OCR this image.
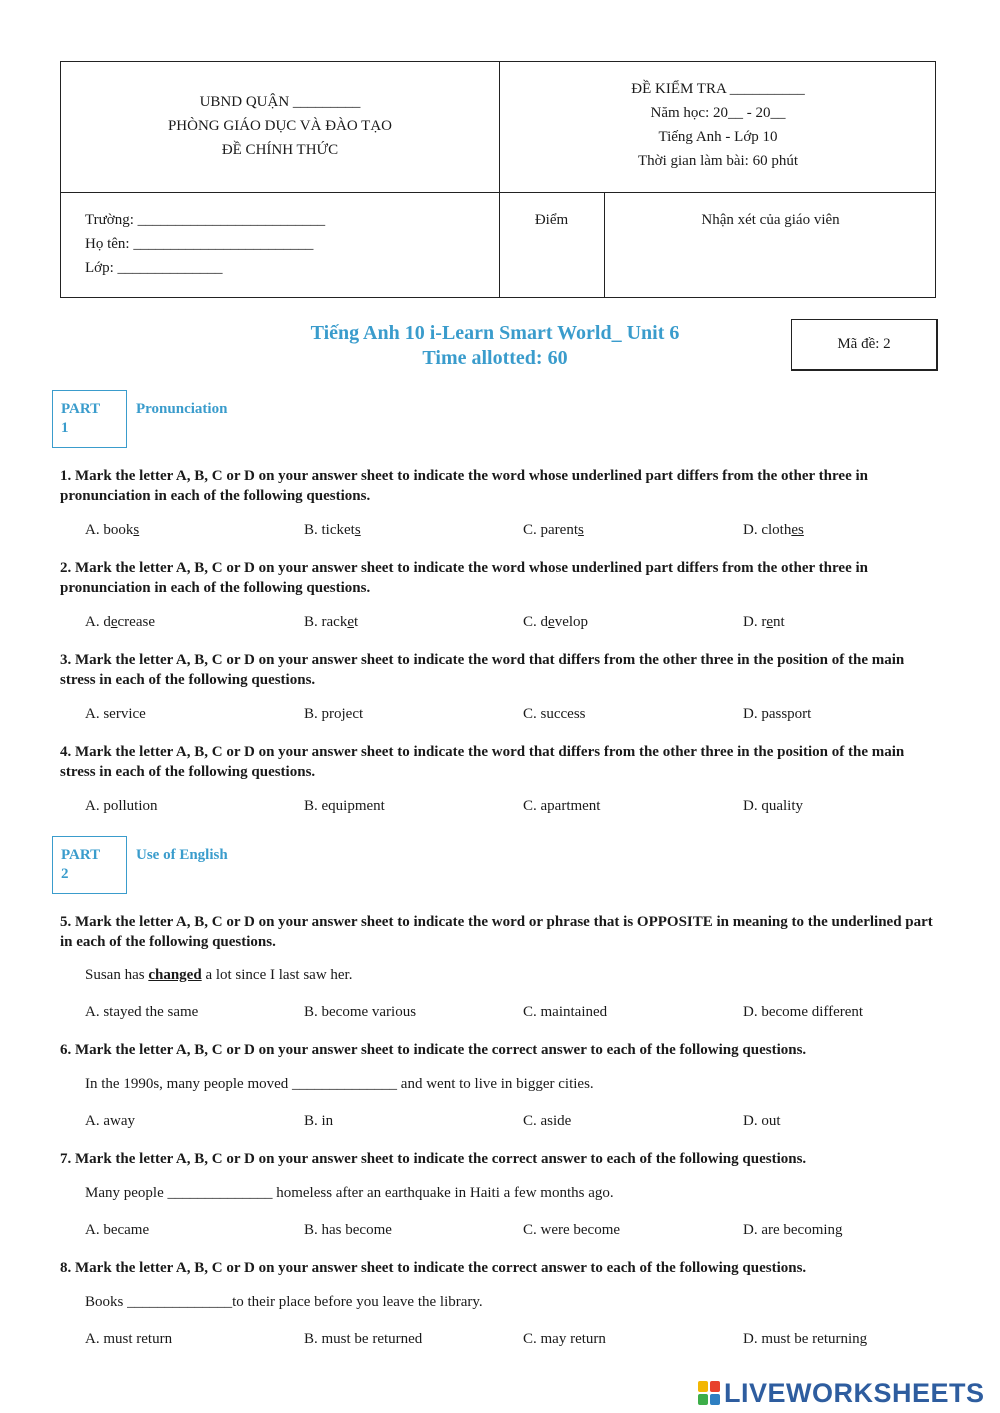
UBND QUẬN _________
PHÒNG GIÁO DỤC VÀ ĐÀO TẠO
ĐỀ CHÍNH THỨC
ĐỀ KIỂM TRA __________
Năm học: 20__ - 20__
Tiếng Anh - Lớp 10
Thời gian làm bài: 60 phút
Trường: _________________________
Họ tên: ________________________
Lớp: ______________
Điểm	Nhận xét của giáo viên
Tiếng Anh 10 i-Learn Smart World_ Unit 6
Time allotted: 60
Mã đề: 2
PART
1
Pronunciation
1. Mark the letter A, B, C or D on your answer sheet to indicate the word whose underlined part differs from the other three in pronunciation in each of the following questions.
A. books	B. tickets	C. parents	D. clothes
2. Mark the letter A, B, C or D on your answer sheet to indicate the word whose underlined part differs from the other three in pronunciation in each of the following questions.
A. decrease	B. racket	C. develop	D. rent
3. Mark the letter A, B, C or D on your answer sheet to indicate the word that differs from the other three in the position of the main stress in each of the following questions.
A. service	B. project	C. success	D. passport
4. Mark the letter A, B, C or D on your answer sheet to indicate the word that differs from the other three in the position of the main stress in each of the following questions.
A. pollution	B. equipment	C. apartment	D. quality
PART
2
Use of English
5. Mark the letter A, B, C or D on your answer sheet to indicate the word or phrase that is OPPOSITE in meaning to the underlined part in each of the following questions.
Susan has changed a lot since I last saw her.
A. stayed the same	B. become various	C. maintained	D. become different
6. Mark the letter A, B, C or D on your answer sheet to indicate the correct answer to each of the following questions.
In the 1990s, many people moved ______________ and went to live in bigger cities.
A. away	B. in	C. aside	D. out
7. Mark the letter A, B, C or D on your answer sheet to indicate the correct answer to each of the following questions.
Many people ______________ homeless after an earthquake in Haiti a few months ago.
A. became	B. has become	C. were become	D. are becoming
8. Mark the letter A, B, C or D on your answer sheet to indicate the correct answer to each of the following questions.
Books ______________to their place before you leave the library.
A. must return	B. must be returned	C. may return	D. must be returning
LIVEWORKSHEETS
